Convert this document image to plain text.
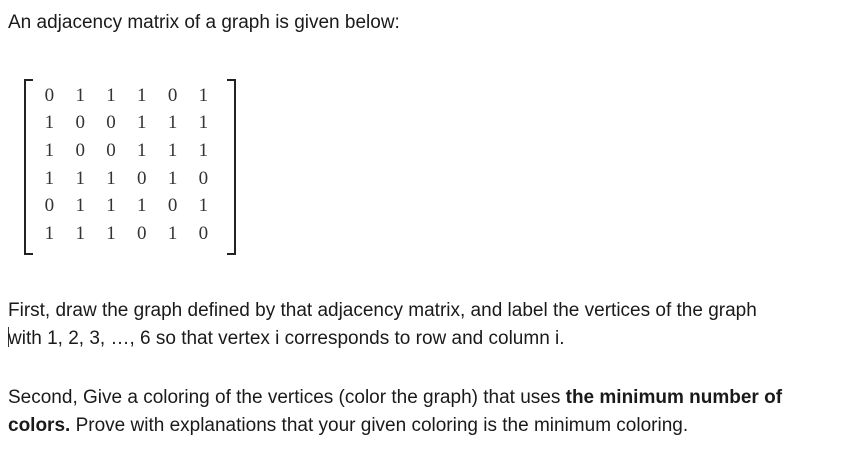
An adjacency matrix of a graph is given below:
0	1	1	1	0	1
1	0	0	1	1	1
1	0	0	1	1	1
1	1	1	0	1	0
0	1	1	1	0	1
1	1	1	0	1	0
First, draw the graph defined by that adjacency matrix, and label the vertices of the graph
with 1, 2, 3, …, 6 so that vertex i corresponds to row and column i.
Second, Give a coloring of the vertices (color the graph) that uses the minimum number of
colors. Prove with explanations that your given coloring is the minimum coloring.
